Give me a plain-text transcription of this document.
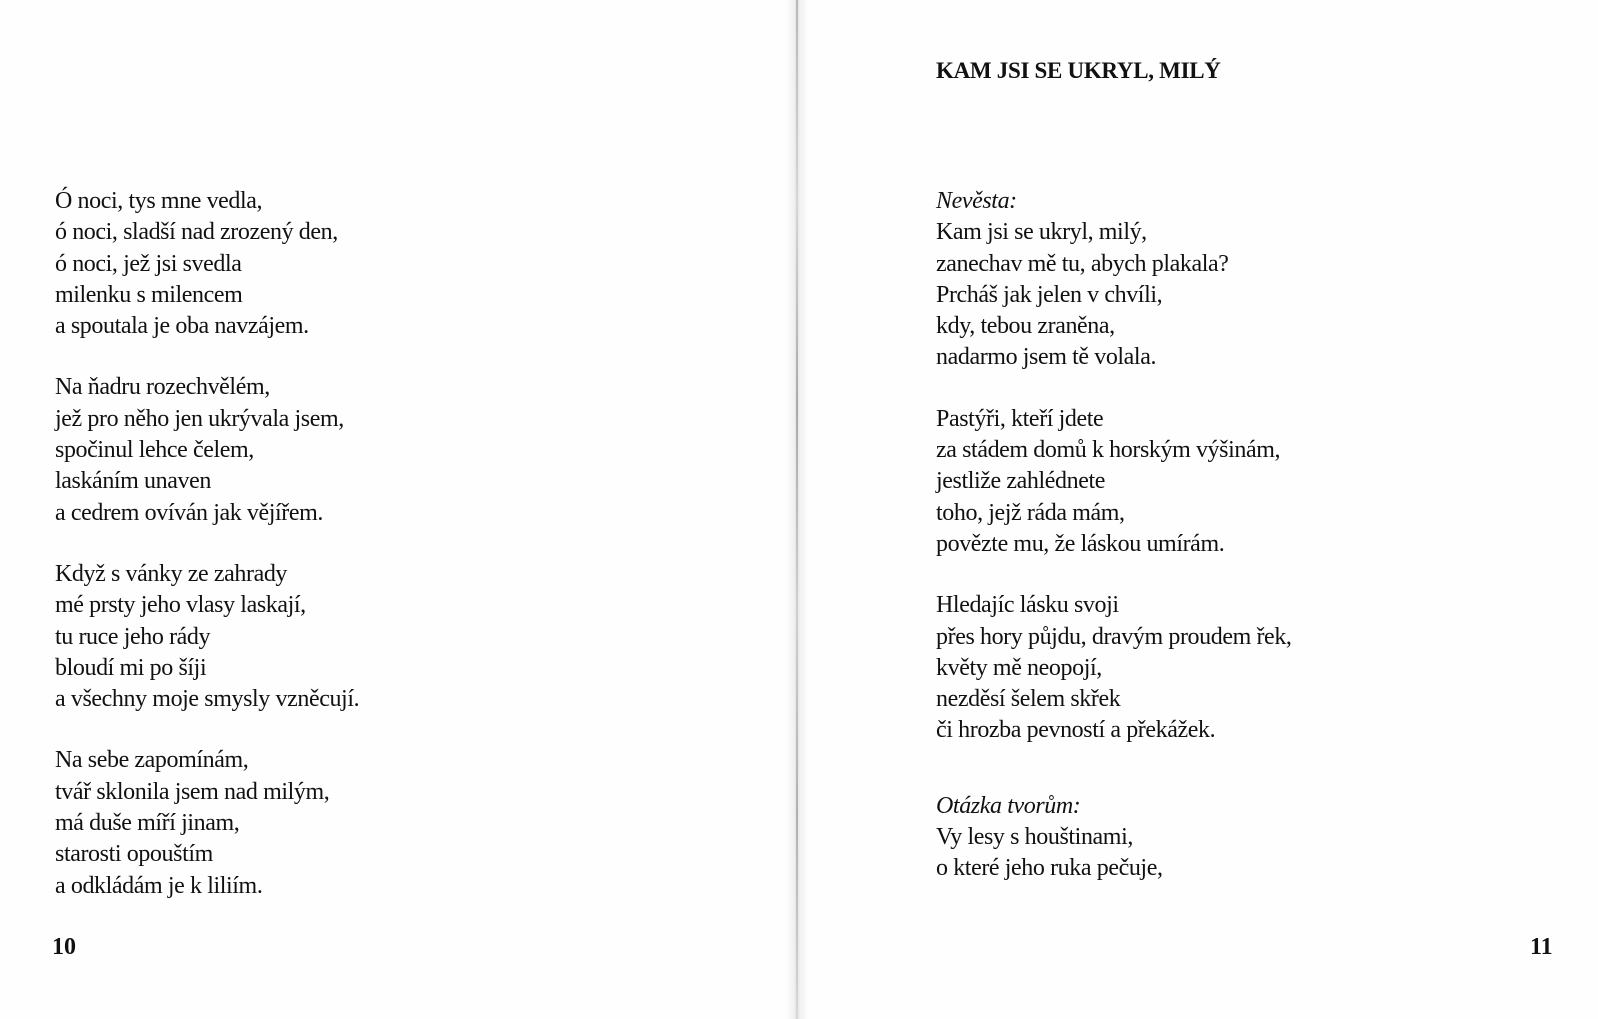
Ó noci, tys mne vedla,
ó noci, sladší nad zrozený den,
ó noci, jež jsi svedla
milenku s milencem
a spoutala je oba navzájem.
Na ňadru rozechvělém,
jež pro něho jen ukrývala jsem,
spočinul lehce čelem,
laskáním unaven
a cedrem ovíván jak vějířem.
Když s vánky ze zahrady
mé prsty jeho vlasy laskají,
tu ruce jeho rády
bloudí mi po šíji
a všechny moje smysly vzněcují.
Na sebe zapomínám,
tvář sklonila jsem nad milým,
má duše míří jinam,
starosti opouštím
a odkládám je k liliím.
10
KAM JSI SE UKRYL, MILÝ
Nevěsta:
Kam jsi se ukryl, milý,
zanechav mě tu, abych plakala?
Prcháš jak jelen v chvíli,
kdy, tebou zraněna,
nadarmo jsem tě volala.
Pastýři, kteří jdete
za stádem domů k horským výšinám,
jestliže zahlédnete
toho, jejž ráda mám,
povězte mu, že láskou umírám.
Hledajíc lásku svoji
přes hory půjdu, dravým proudem řek,
květy mě neopojí,
nezděsí šelem skřek
či hrozba pevností a překážek.
Otázka tvorům:
Vy lesy s houštinami,
o které jeho ruka pečuje,
11
